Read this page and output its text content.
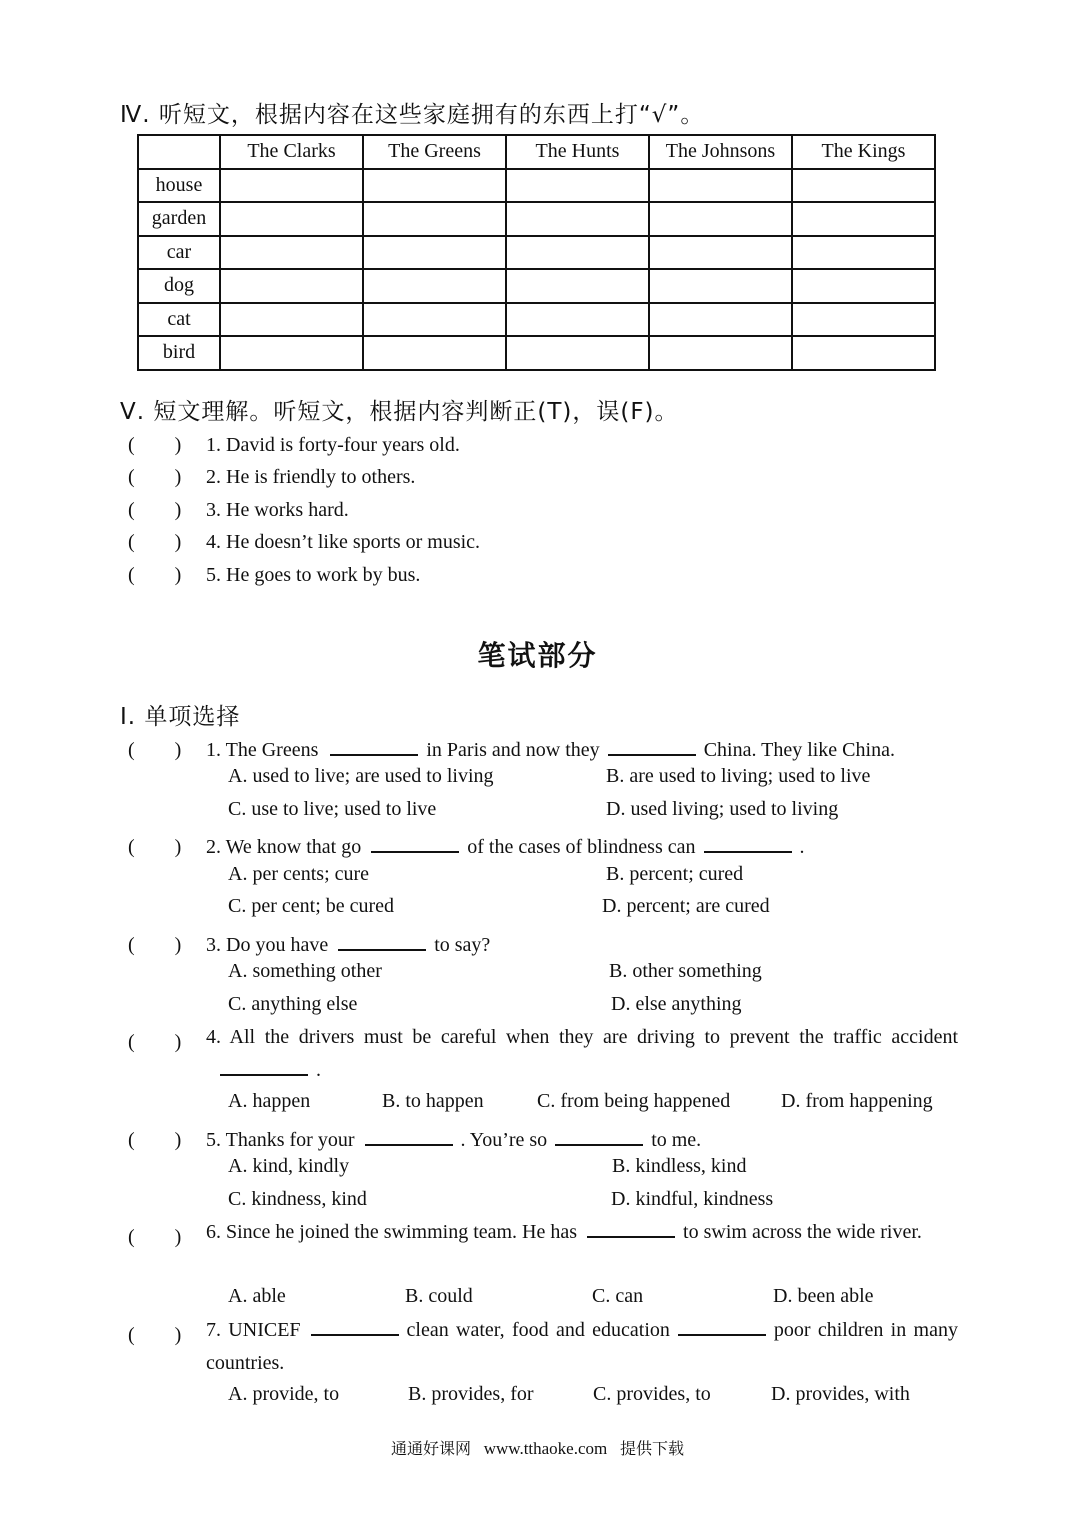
Ⅳ. 听短文，根据内容在这些家庭拥有的东西上打“√”。
	The Clarks	The Greens	The Hunts	The Johnsons	The Kings
house					
garden					
car					
dog					
cat					
bird					
Ⅴ. 短文理解。听短文，根据内容判断正(T)，误(F)。
(　　) 1. David is forty-four years old.
(　　) 2. He is friendly to others.
(　　) 3. He works hard.
(　　) 4. He doesn’t like sports or music.
(　　) 5. He goes to work by bus.
笔试部分
Ⅰ. 单项选择
(　　) 1. The Greens	in Paris and now they	China. They like China.
A. used to live; are used to living	B. are used to living; used to live
C. use to live; used to live	D. used living; used to living
(　　) 2. We know that go	of the cases of blindness can	.
A. per cents; cure	B. percent; cured
C. per cent; be cured	D. percent; are cured
(　　) 3. Do you have	to say?
A. something other	B. other something
C. anything else	D. else anything
(　　)	4. All the drivers must be careful when they are driving to prevent the traffic accident.
A. happen	B. to happen	C. from being happened	D. from happening
(　　) 5. Thanks for your	. You’re so	to me.
A. kind, kindly	B. kindless, kind
C. kindness, kind	D. kindful, kindness
(　　)	6. Since he joined the swimming team. He has	to swim across the wide river.
A. able	B. could	C. can	D. been able
(　　)	7. UNICEF	clean water, food and education	poor children in many countries.
A. provide, to	B. provides, for	C. provides, to	D. provides, with
通通好课网 www.tthaoke.com 提供下载
